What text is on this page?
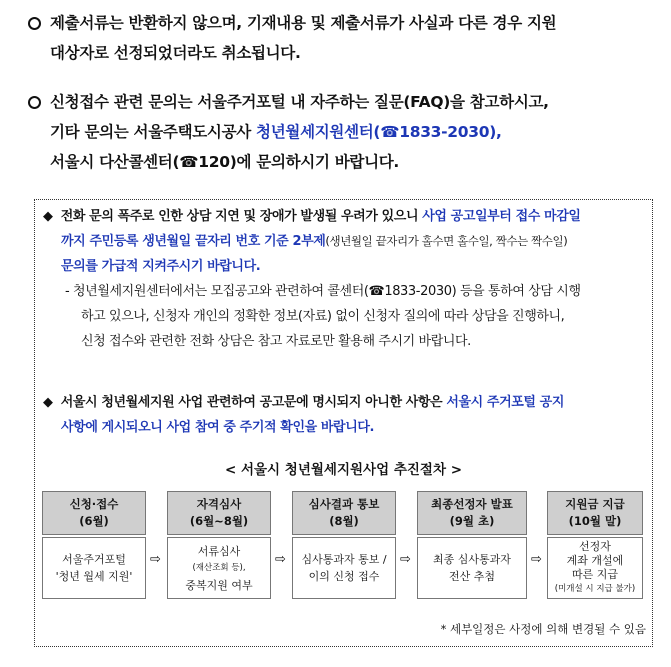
제출서류는 반환하지 않으며, 기재내용 및 제출서류가 사실과 다른 경우 지원
대상자로 선정되었더라도 취소됩니다.
신청접수 관련 문의는 서울주거포털 내 자주하는 질문(FAQ)을 참고하시고,
기타 문의는 서울주택도시공사 청년월세지원센터(☎1833-2030),
서울시 다산콜센터(☎120)에 문의하시기 바랍니다.
◆ 전화 문의 폭주로 인한 상담 지연 및 장애가 발생될 우려가 있으니 사업 공고일부터 접수 마감일
까지 주민등록 생년월일 끝자리 번호 기준 2부제(생년월일 끝자리가 홀수면 홀수일, 짝수는 짝수일)
문의를 가급적 지켜주시기 바랍니다.
- 청년월세지원센터에서는 모집공고와 관련하여 콜센터(☎1833-2030) 등을 통하여 상담 시행
하고 있으나, 신청자 개인의 정확한 정보(자료) 없이 신청자 질의에 따라 상담을 진행하니,
신청 접수와 관련한 전화 상담은 참고 자료로만 활용해 주시기 바랍니다.
◆ 서울시 청년월세지원 사업 관련하여 공고문에 명시되지 아니한 사항은 서울시 주거포털 공지
사항에 게시되오니 사업 참여 중 주기적 확인을 바랍니다.
< 서울시 청년월세지원사업 추진절차 >
신청·접수
(6월)
서울주거포털
'청년 월세 지원'
⇨
자격심사
(6월~8월)
서류심사
(재산조회 등),
중복지원 여부
⇨
심사결과 통보
(8월)
심사통과자 통보 /
이의 신청 접수
⇨
최종선정자 발표
(9월 초)
최종 심사통과자
전산 추첨
⇨
지원금 지급
(10월 말)
선정자
계좌 개설에
따른 지급
(미개설 시 지급 불가)
* 세부일정은 사정에 의해 변경될 수 있음
